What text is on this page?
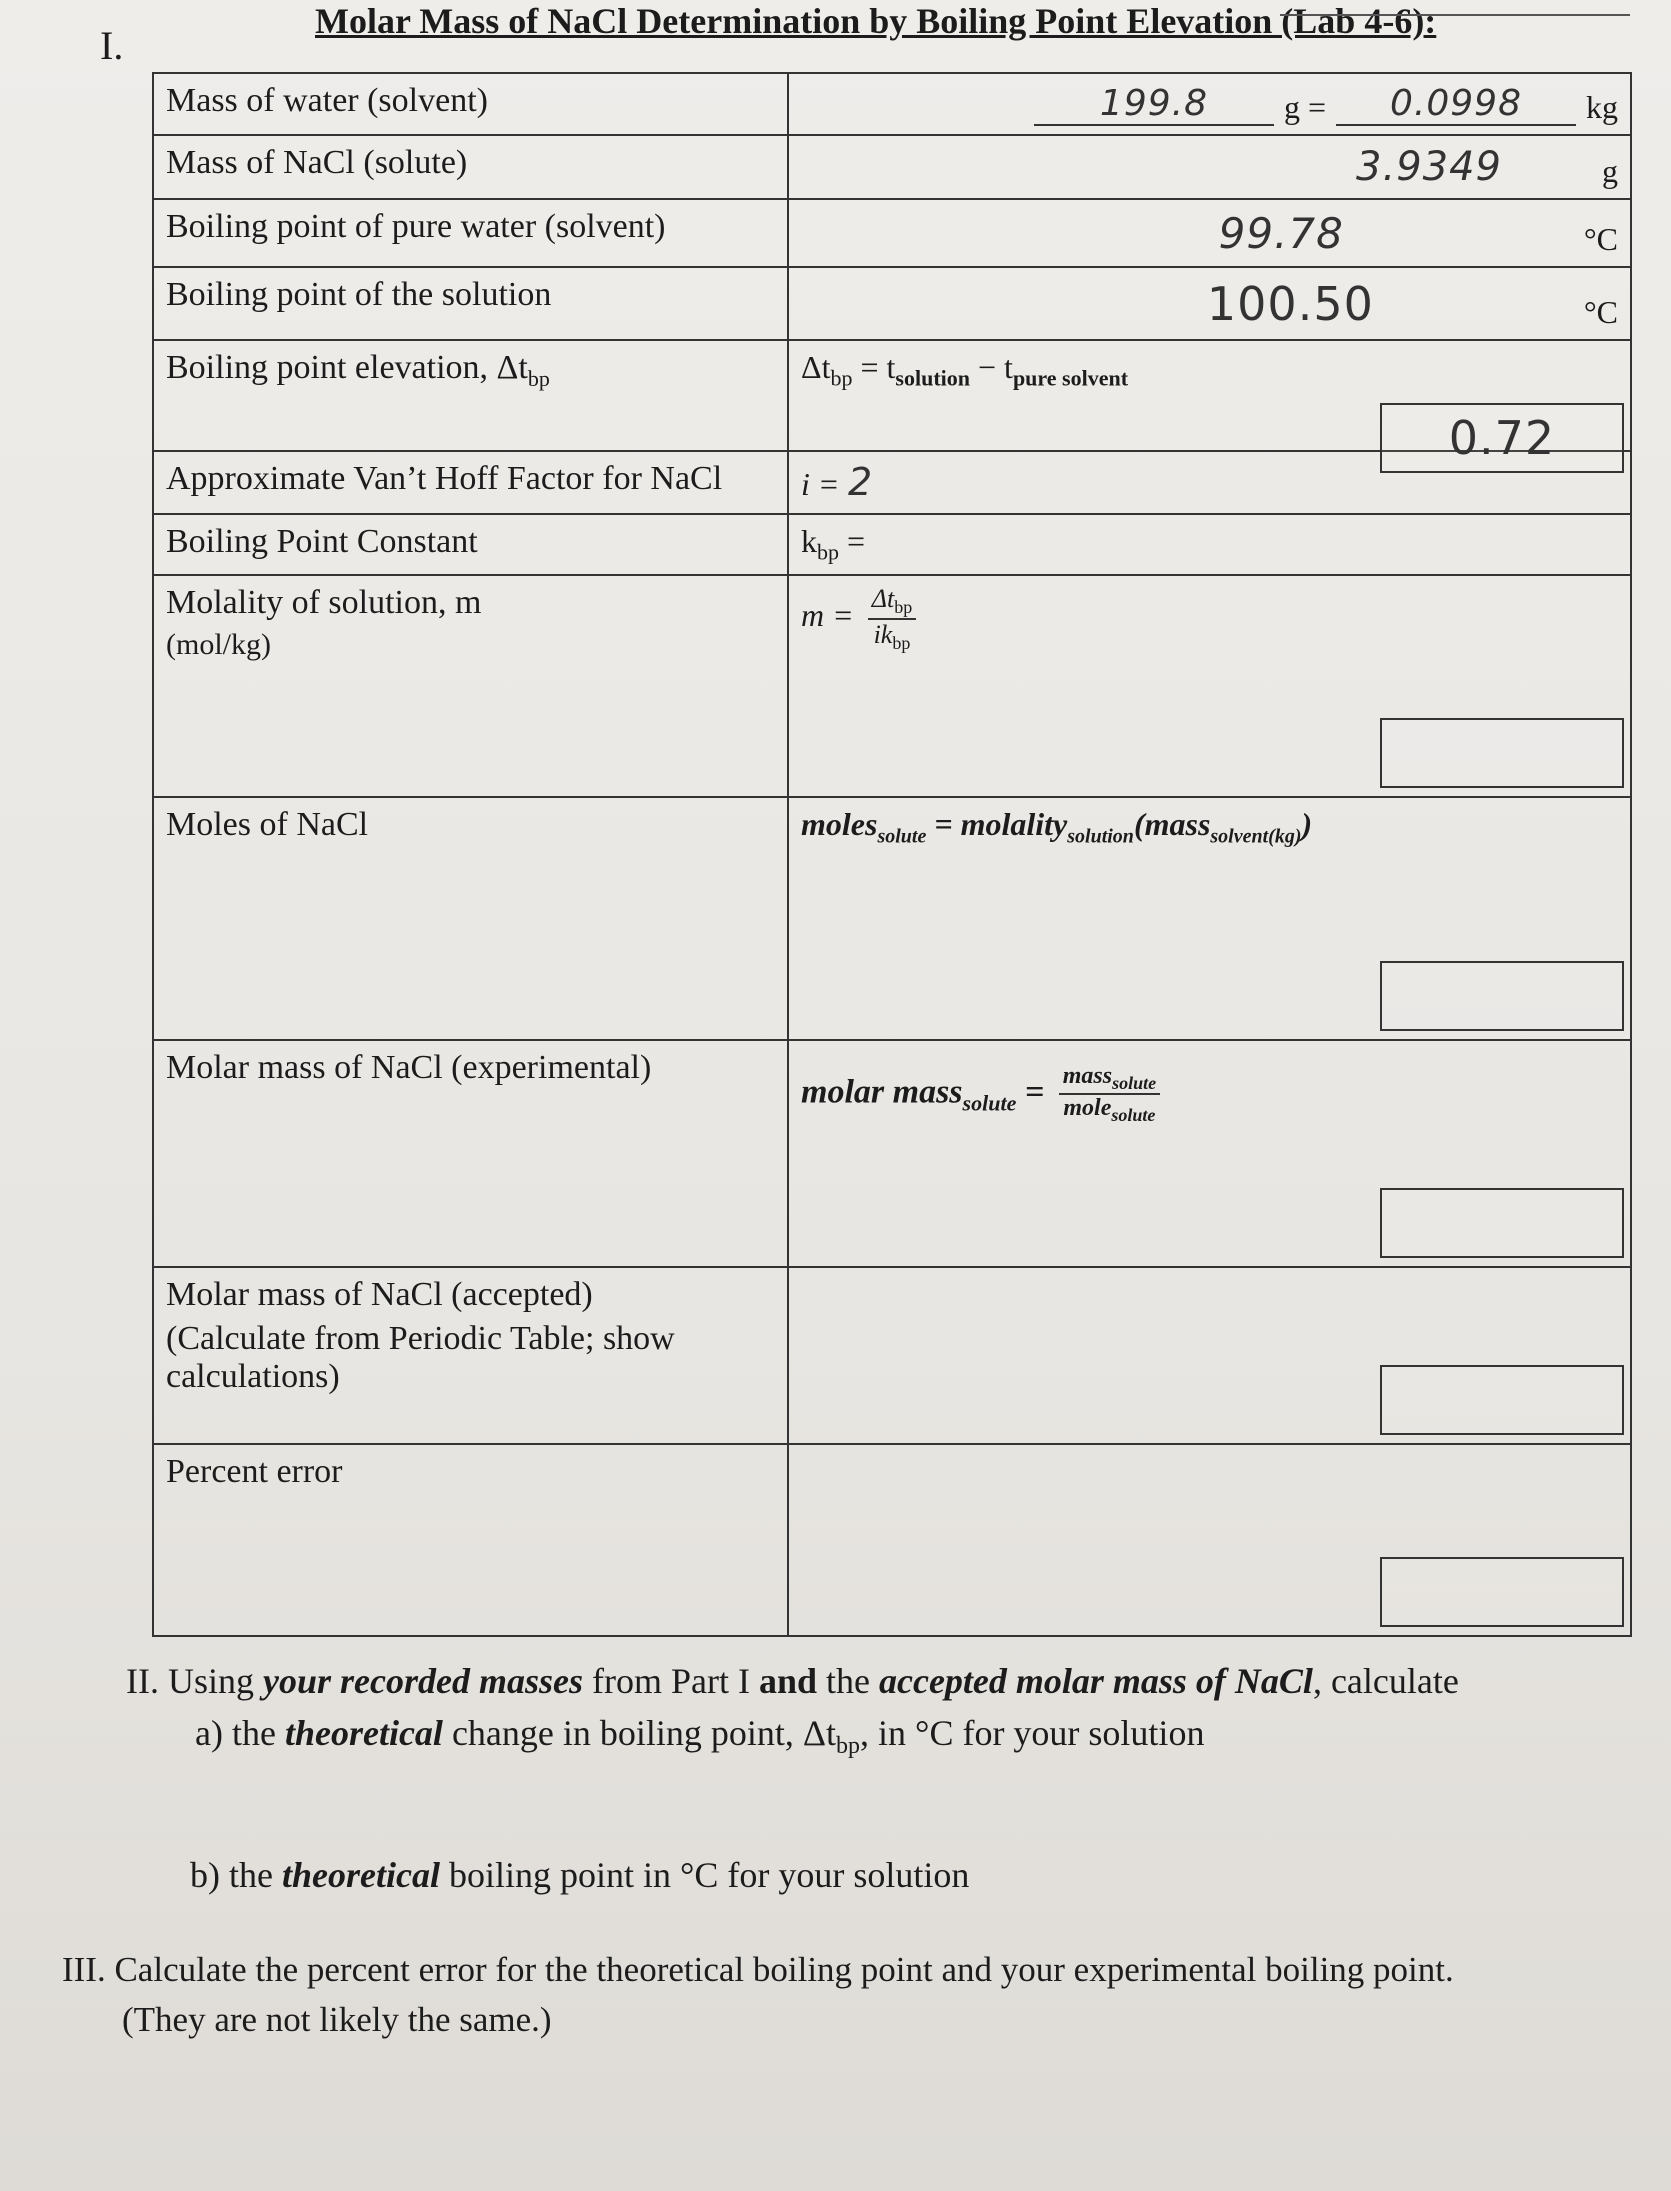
I.
Molar Mass of NaCl Determination by Boiling Point Elevation (Lab 4-6):
Mass of water (solvent)	199.8 g = 0.0998 kg

Mass of NaCl (solute)	3.9349 g

Boiling point of pure water (solvent)	99.78 °C

Boiling point of the solution	100.50 °C

Boiling point elevation, $\Delta t_{bp}$	$\Delta t_{bp} = t_{solution} - t_{pure solvent}$
0.72

Approximate Van’t Hoff Factor for NaCl	i = 2
Boiling Point Constant	$k_{bp}$ =
Molality of solution, m
(mol/kg)	$m = \frac{\Delta t_{bp}}{ik_{bp}}$

Moles of NaCl	moles$_{solute}$ = molality$_{solution}$(mass$_{solvent(kg)}$)

Molar mass of NaCl (experimental)	molar mass$_{solute}$ = $\frac{mass_{solute}}{mole_{solute}}$

Molar mass of NaCl (accepted)
(Calculate from Periodic Table; show calculations)	

Percent error	
II. Using your recorded masses from Part I and the accepted molar mass of NaCl, calculate
a) the theoretical change in boiling point, $\Delta t_{bp}$, in °C for your solution
b) the theoretical boiling point in °C for your solution
III. Calculate the percent error for the theoretical boiling point and your experimental boiling point.
(They are not likely the same.)
